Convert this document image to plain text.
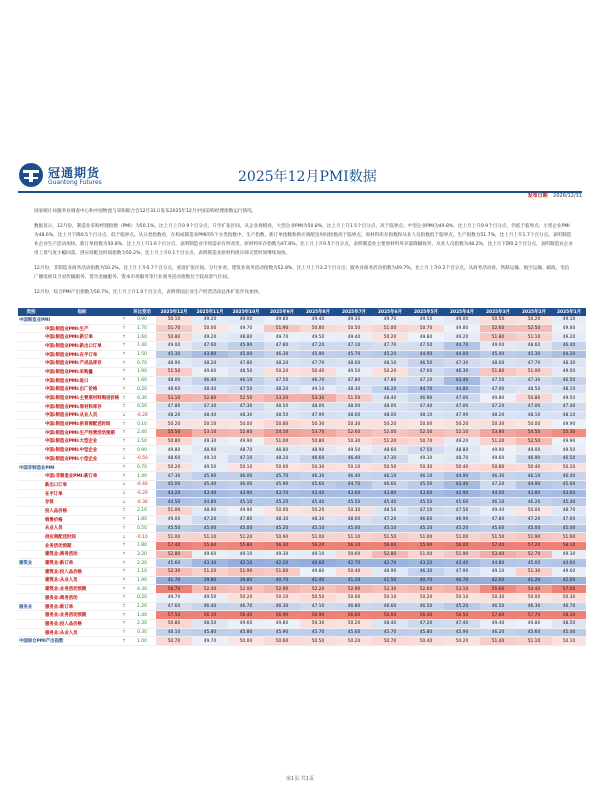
冠通期货
Guantong Futures	2025年12月PMI数据
发布日期 2026/12/31

国家统计局服务业调查中心和中国物流与采购联合会12月31日发布2025年12月中国采购经理指数运行情况。

数据显示，12月份，制造业采购经理指数（PMI）为50.1%，比上月上升0.9个百分点，升至扩张区间。从企业规模看，大型企业PMI为50.8%，比上月上升1.5个百分点，高于临界点；中型企业PMI为49.8%，比上月上升0.9个百分点，仍低于临界点；小型企业PMI为48.6%，比上月下降0.5个百分点，低于临界点。从分类指数看，在构成制造业PMI的5个分类指数中，生产指数、新订单指数和供应商配送时间指数高于临界点，原材料库存指数和从业人员指数低于临界点。生产指数为51.7%，比上月上升1.7个百分点，表明制造业企业生产活动加快。新订单指数为50.8%，比上月上升1.6个百分点，表明制造业市场需求有所改善。原材料库存指数为47.8%，比上月上升0.5个百分点，表明制造业主要原材料库存量降幅收窄。从业人员指数为48.2%，比上月下降0.2个百分点，表明制造业企业用工景气度小幅回落。供应商配送时间指数为50.2%，比上月上升0.1个百分点，表明制造业原材料供应商交货时间继续加快。

12月份，非制造业商务活动指数为50.2%，比上月上升0.7个百分点，重返扩张区间。分行业看，建筑业商务活动指数为52.8%，比上月上升3.2个百分点；服务业商务活动指数为49.7%，比上月上升0.2个百分点。从商务活动看，铁路运输、航空运输、邮政、电信广播电视及卫星传输服务、货币金融服务、资本市场服务等行业商务活动指数位于较高景气区间。

12月份，综合PMI产出指数为50.7%，比上月上升1.0个百分点，表明我国企业生产经营活动总体扩张步伐加快。

类别	指标		环比变动	2025年12月	2025年11月	2025年10月	2025年9月	2025年8月	2025年7月	2025年6月	2025年5月	2025年4月	2025年3月	2025年2月	2025年1月
中国制造业PMI		↑	0.90	50.10	49.20	49.00	49.80	49.40	49.30	49.70	49.50	49.00	50.50	50.20	49.10
	中国:制造业PMI:生产	↑	1.70	51.70	50.00	49.70	51.90	50.80	50.50	51.00	50.70	49.80	52.60	52.50	49.80
	中国:制造业PMI:新订单	↑	1.60	50.80	49.20	48.80	49.70	49.50	49.40	50.20	49.80	49.20	51.80	51.10	49.20
	中国:制造业PMI:新出口订单	↑	1.40	49.00	47.60	45.90	47.80	47.20	47.10	47.70	47.50	44.70	49.00	48.60	46.40
	中国:制造业PMI:在手订单	↑	1.50	45.30	43.80	45.00	46.30	45.90	45.70	45.20	44.90	44.00	45.40	45.30	44.20
	中国:制造业PMI:产成品库存	↑	0.70	48.90	48.20	47.80	48.20	47.70	48.00	48.10	46.50	47.30	48.00	47.70	48.30
	中国:制造业PMI:采购量	↑	1.90	51.50	49.60	48.50	50.20	50.40	49.50	50.20	47.60	46.30	51.80	51.00	49.00
	中国:制造业PMI:进口	↑	1.60	48.00	46.40	46.10	47.50	46.70	47.80	47.80	47.10	43.40	47.50	47.30	46.50
	中国:制造业PMI:出厂价格	↑	0.20	48.60	48.40	47.50	48.20	49.10	48.30	46.20	44.70	44.80	47.90	48.50	48.10
	中国:制造业PMI:主要原材料购进价格	↑	0.30	53.10	52.80	52.50	53.20	53.30	51.50	48.40	46.90	47.00	49.80	50.80	49.50
	中国:制造业PMI:原材料库存	↑	0.50	47.80	47.30	47.30	48.50	48.00	48.00	48.00	47.40	47.00	47.20	47.00	47.40
	中国:制造业PMI:从业人员	↓	-0.20	48.20	48.40	48.30	48.50	47.90	48.00	48.00	48.10	47.90	48.20	48.10	48.10
	中国:制造业PMI:供货商配送时间	↑	0.10	50.20	50.10	50.00	50.80	50.30	50.30	50.20	50.00	50.20	50.30	50.00	49.90
	中国:制造业PMI:生产经营活动预期	↑	2.40	55.50	53.10	52.80	54.10	53.70	52.60	52.00	52.50	52.10	53.80	54.50	55.30
	中国:制造业PMI:大型企业	↑	1.50	50.80	49.30	49.90	51.00	50.80	50.30	51.20	50.70	49.20	51.20	52.50	49.90
	中国:制造业PMI:中型企业	↑	0.90	49.80	48.90	48.70	48.80	48.90	49.50	48.60	47.50	48.80	49.90	49.00	49.50
	中国:制造业PMI:小型企业	↓	-0.50	48.60	49.10	47.10	48.20	46.60	46.40	47.30	49.30	48.70	49.60	46.90	46.50
中国非制造业PMI		↑	0.70	50.20	49.50	50.10	50.00	50.30	50.10	50.50	50.30	50.40	50.80	50.40	50.20
	中国:非制造业PMI:新订单	↑	1.40	47.30	45.90	46.00	45.70	46.30	46.40	46.10	46.10	44.90	46.30	46.10	46.40
	新出口订单	↓	-0.40	45.00	45.40	46.00	45.90	45.60	44.70	46.60	45.50	43.40	47.20	44.90	45.60
	在手订单	↓	-0.20	43.20	43.40	43.90	43.70	43.40	43.60	43.80	43.60	42.90	44.00	43.80	43.60
	存货	↓	-0.30	44.50	44.80	45.10	45.20	45.40	45.50	45.40	45.50	45.60	46.10	46.20	45.40
	投入品价格	↑	2.10	51.00	48.90	49.90	50.00	50.20	50.30	48.50	47.10	47.50	49.40	50.00	48.70
	销售价格	↑	1.80	49.00	47.20	47.80	48.30	48.30	48.00	47.20	46.60	46.90	47.80	47.20	47.60
	从业人员	↑	0.50	45.50	45.00	45.00	45.20	45.10	45.00	45.10	45.10	45.20	45.60	45.00	45.00
	供应商配送时间	↓	-0.10	51.00	51.10	51.20	50.90	51.00	51.10	51.50	51.00	51.00	51.50	51.90	51.60
	业务活动预期	↑	1.80	57.40	55.60	55.80	56.30	56.20	56.10	56.00	55.90	56.00	57.40	57.20	58.10
	建筑业:商务活动	↑	3.20	52.80	49.60	49.10	49.30	49.10	50.60	52.80	51.00	51.90	53.40	52.70	49.30
建筑业	建筑业:新订单	↑	2.30	45.60	43.30	42.10	42.20	40.60	42.70	42.70	43.20	43.40	44.80	45.00	44.60
	建筑业:投入品价格	↑	1.10	52.30	51.20	51.90	51.60	49.80	50.40	48.90	46.30	47.90	49.10	51.30	49.60
	建筑业:从业人员	↑	1.90	41.70	39.80	39.80	40.70	41.40	41.10	41.50	40.70	40.70	42.00	41.20	42.60
	建筑业:业务活动预期	↑	4.30	56.70	52.40	52.00	52.90	52.20	52.90	52.30	52.60	53.10	55.60	54.40	57.00
	服务业:商务活动	↑	0.20	49.70	49.50	50.20	50.10	50.50	50.00	50.10	50.20	50.10	50.30	50.00	50.30
服务业	服务业:新订单	↑	1.20	47.60	46.40	46.70	46.30	47.10	46.80	46.60	46.50	45.20	46.50	46.30	46.70
	服务业:业务活动预期	↑	1.40	57.50	56.10	56.40	56.90	56.90	56.60	56.60	56.40	56.50	57.60	57.70	58.30
	服务业:投入品价格	↑	2.30	50.80	48.50	49.60	49.80	50.30	50.20	48.40	47.20	47.40	49.40	49.80	48.50
	服务业:从业人员	↑	0.30	46.10	45.80	45.80	45.90	45.70	45.60	45.70	45.80	45.90	46.20	45.60	45.40
中国综合PMI产出指数		↑	1.00	50.70	49.70	50.00	50.60	50.50	50.20	50.70	50.40	50.20	51.40	51.10	50.10
第1页 共1页
